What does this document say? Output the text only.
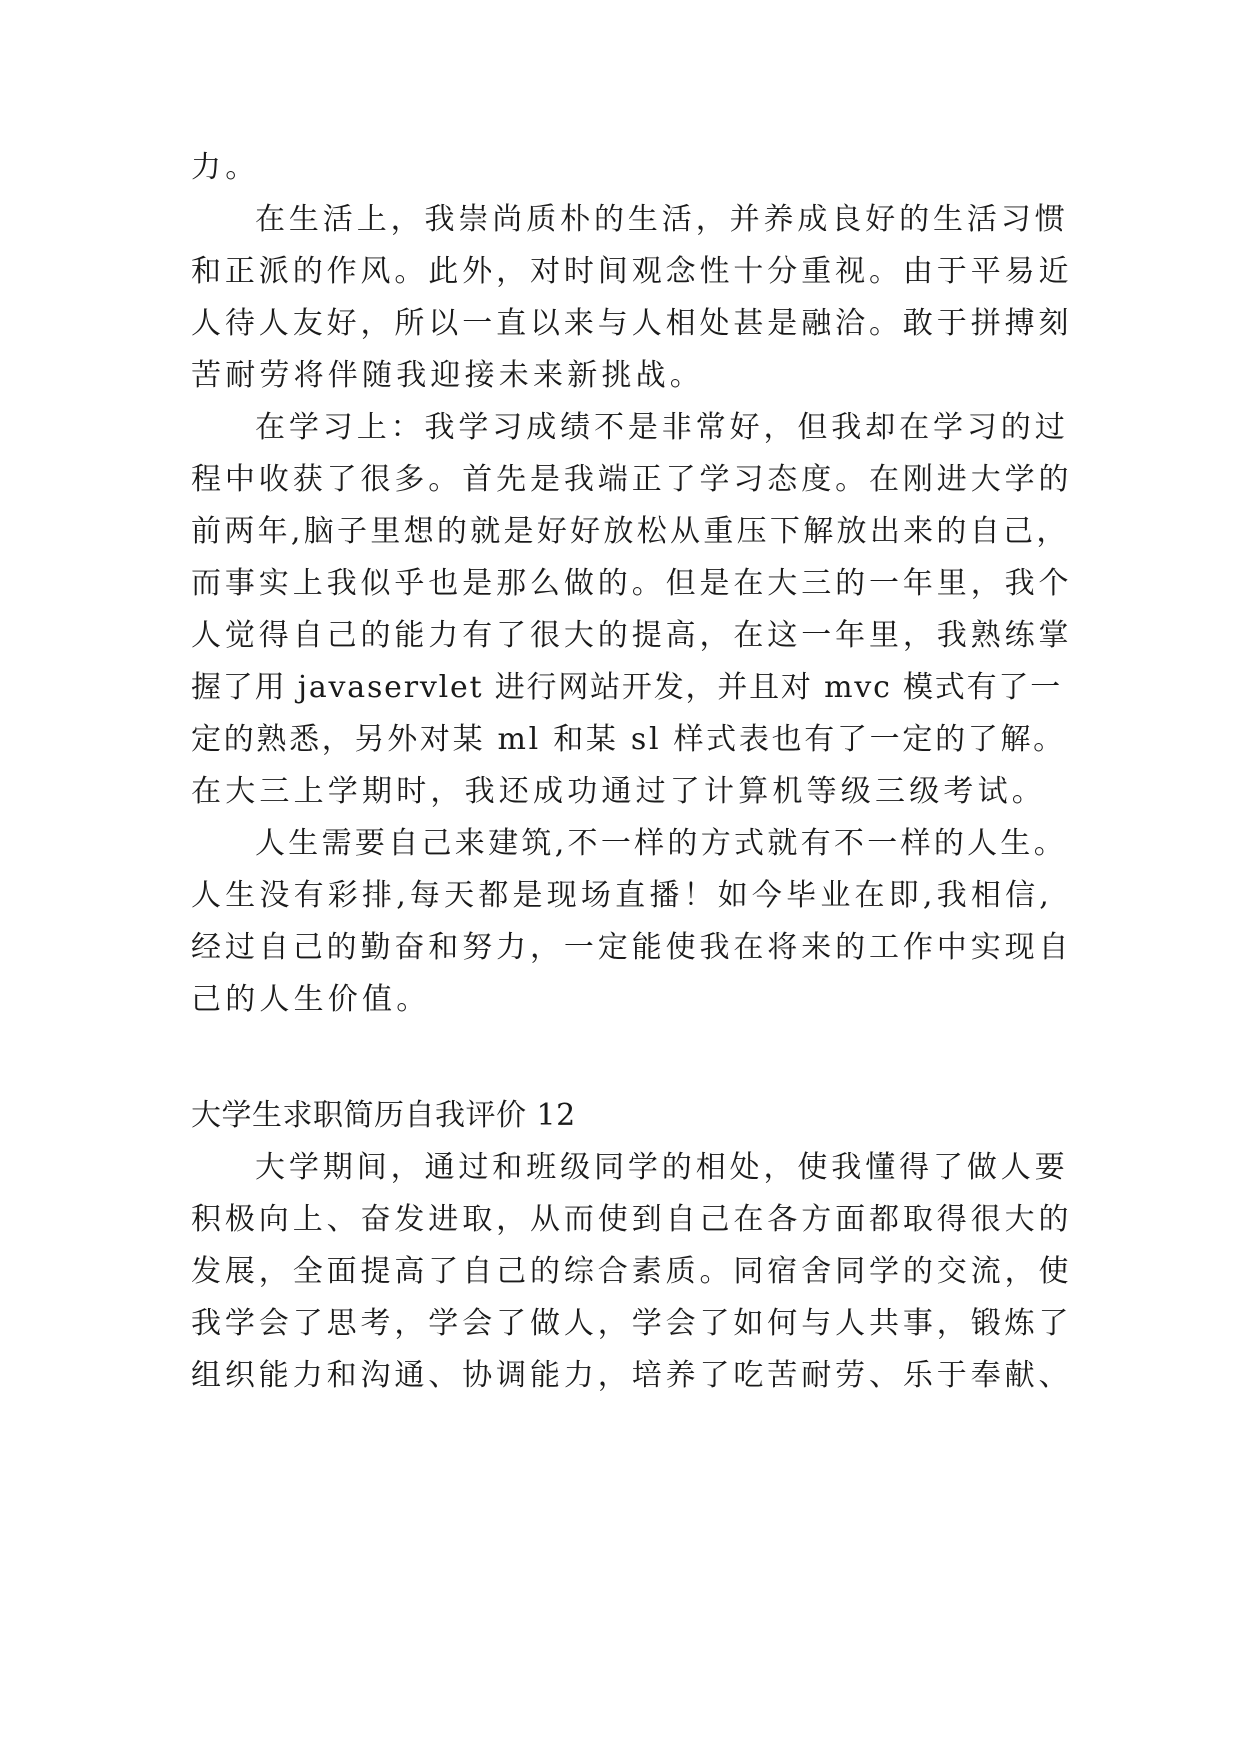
力。
在生活上，我崇尚质朴的生活，并养成良好的生活习惯
和正派的作风。此外，对时间观念性十分重视。由于平易近
人待人友好，所以一直以来与人相处甚是融洽。敢于拼搏刻
苦耐劳将伴随我迎接未来新挑战。
在学习上：我学习成绩不是非常好，但我却在学习的过
程中收获了很多。首先是我端正了学习态度。在刚进大学的
前两年,脑子里想的就是好好放松从重压下解放出来的自己，
而事实上我似乎也是那么做的。但是在大三的一年里，我个
人觉得自己的能力有了很大的提高，在这一年里，我熟练掌
握了用 javaservlet 进行网站开发，并且对 mvc 模式有了一
定的熟悉，另外对某 ml 和某 sl 样式表也有了一定的了解。
在大三上学期时，我还成功通过了计算机等级三级考试。
人生需要自己来建筑,不一样的方式就有不一样的人生。
人生没有彩排,每天都是现场直播！如今毕业在即,我相信,
经过自己的勤奋和努力，一定能使我在将来的工作中实现自
己的人生价值。
大学生求职简历自我评价 12
大学期间，通过和班级同学的相处，使我懂得了做人要
积极向上、奋发进取，从而使到自己在各方面都取得很大的
发展，全面提高了自己的综合素质。同宿舍同学的交流，使
我学会了思考，学会了做人，学会了如何与人共事，锻炼了
组织能力和沟通、协调能力，培养了吃苦耐劳、乐于奉献、
